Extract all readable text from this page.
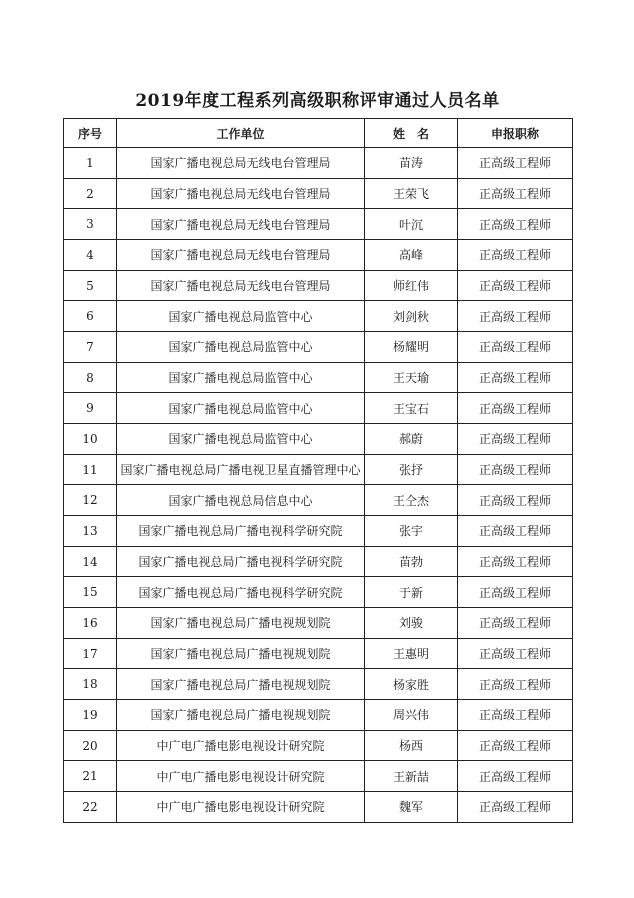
2019年度工程系列高级职称评审通过人员名单
序号	工作单位	姓　名	申报职称
1	国家广播电视总局无线电台管理局	苗涛	正高级工程师
2	国家广播电视总局无线电台管理局	王荣飞	正高级工程师
3	国家广播电视总局无线电台管理局	叶沉	正高级工程师
4	国家广播电视总局无线电台管理局	高峰	正高级工程师
5	国家广播电视总局无线电台管理局	师红伟	正高级工程师
6	国家广播电视总局监管中心	刘剑秋	正高级工程师
7	国家广播电视总局监管中心	杨耀明	正高级工程师
8	国家广播电视总局监管中心	王天瑜	正高级工程师
9	国家广播电视总局监管中心	王宝石	正高级工程师
10	国家广播电视总局监管中心	郝蔚	正高级工程师
11	国家广播电视总局广播电视卫星直播管理中心	张抒	正高级工程师
12	国家广播电视总局信息中心	王仝杰	正高级工程师
13	国家广播电视总局广播电视科学研究院	张宇	正高级工程师
14	国家广播电视总局广播电视科学研究院	苗勃	正高级工程师
15	国家广播电视总局广播电视科学研究院	于新	正高级工程师
16	国家广播电视总局广播电视规划院	刘骏	正高级工程师
17	国家广播电视总局广播电视规划院	王惠明	正高级工程师
18	国家广播电视总局广播电视规划院	杨家胜	正高级工程师
19	国家广播电视总局广播电视规划院	周兴伟	正高级工程师
20	中广电广播电影电视设计研究院	杨西	正高级工程师
21	中广电广播电影电视设计研究院	王新喆	正高级工程师
22	中广电广播电影电视设计研究院	魏军	正高级工程师
